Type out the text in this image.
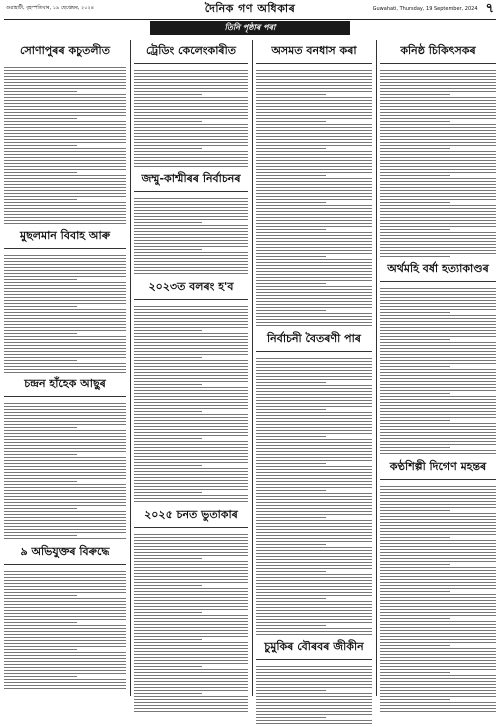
গুৱাহাটী, বৃহস্পতিবাৰ, ১৯ ছেপ্তেম্বৰ, ২০২৪	দৈনিক গণ অধিকাৰ	Guwahati, Thursday, 19 September, 2024 ৭
তিনি পৃষ্ঠাৰ পৰা
সোণাপুৰৰ কচুতলীত
মুছলমান বিবাহ আৰু
চন্দ্ৰন হাঁহেক আছুৰ
৯ অভিযুক্তৰ বিৰুদ্ধে
ট্ৰেডিং কেলেংকাৰীত
জম্মু-কাশ্মীৰৰ নিৰ্বাচনৰ
২০২৩ত বলৰং হ'ব
২০২৫ চনত ভুতাকাৰ
অসমত বনধাস কৰা
নিৰ্বাচনী বৈতৰণী পাৰ
চুমুকিৰ বৌৰবৰ জীকীন
কনিষ্ঠ চিকিৎসকৰ
অৰ্থমহি বৰ্ষা হত্যাকাণ্ডৰ
কণ্ঠশিল্পী দিগেণ মহন্তৰ
